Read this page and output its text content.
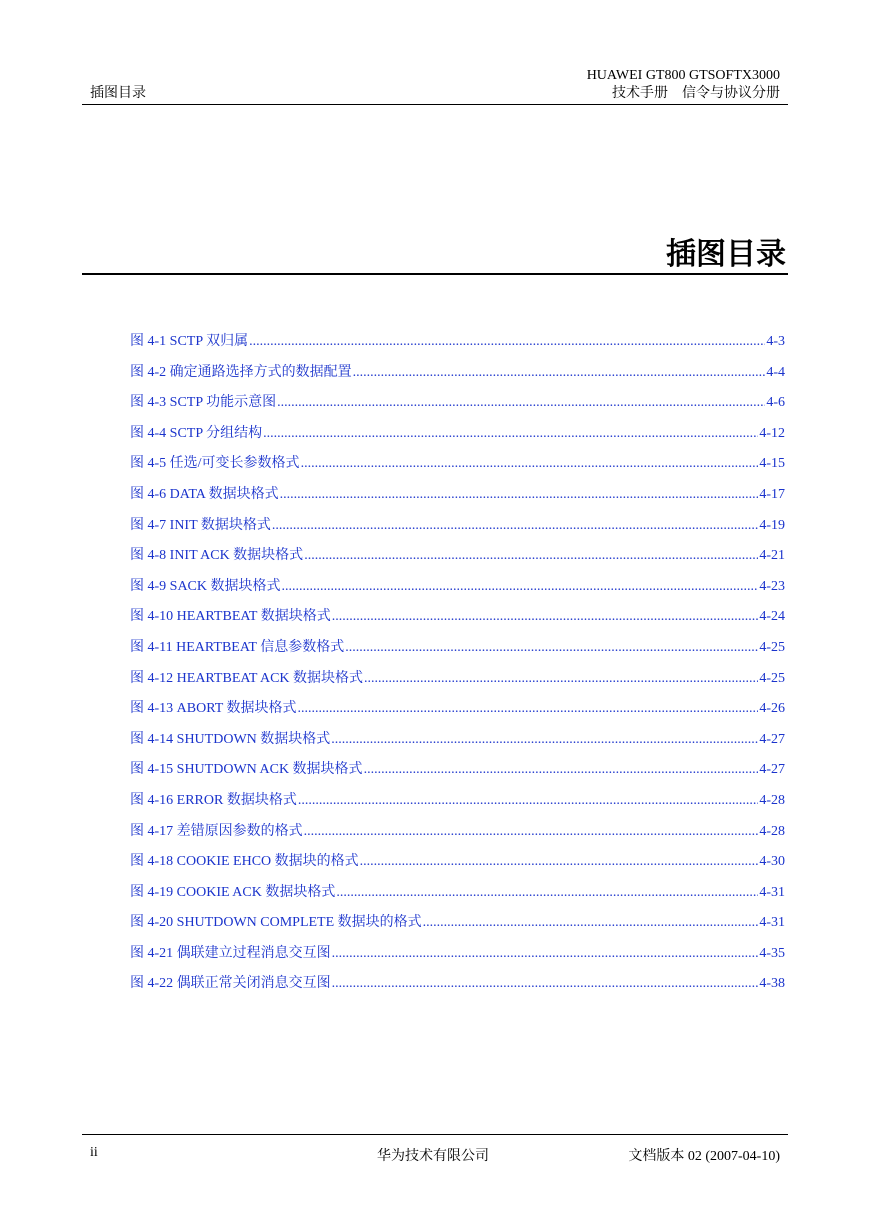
插图目录
HUAWEI GT800 GTSOFTX3000
技术手册　信令与协议分册
插图目录
图 4-1 SCTP 双归属 .....	4-3
图 4-2 确定通路选择方式的数据配置 .....	4-4
图 4-3 SCTP 功能示意图 .....	4-6
图 4-4 SCTP 分组结构 .....	4-12
图 4-5 任选/可变长参数格式 .....	4-15
图 4-6 DATA 数据块格式 .....	4-17
图 4-7 INIT 数据块格式 .....	4-19
图 4-8 INIT ACK 数据块格式 .....	4-21
图 4-9 SACK 数据块格式 .....	4-23
图 4-10 HEARTBEAT 数据块格式 .....	4-24
图 4-11 HEARTBEAT 信息参数格式 .....	4-25
图 4-12 HEARTBEAT ACK 数据块格式 .....	4-25
图 4-13 ABORT 数据块格式 .....	4-26
图 4-14 SHUTDOWN 数据块格式 .....	4-27
图 4-15 SHUTDOWN ACK 数据块格式 .....	4-27
图 4-16 ERROR 数据块格式 .....	4-28
图 4-17 差错原因参数的格式 .....	4-28
图 4-18 COOKIE EHCO 数据块的格式 .....	4-30
图 4-19 COOKIE ACK 数据块格式 .....	4-31
图 4-20 SHUTDOWN COMPLETE 数据块的格式 .....	4-31
图 4-21 偶联建立过程消息交互图 .....	4-35
图 4-22 偶联正常关闭消息交互图 .....	4-38
ii	华为技术有限公司	文档版本 02 (2007-04-10)
